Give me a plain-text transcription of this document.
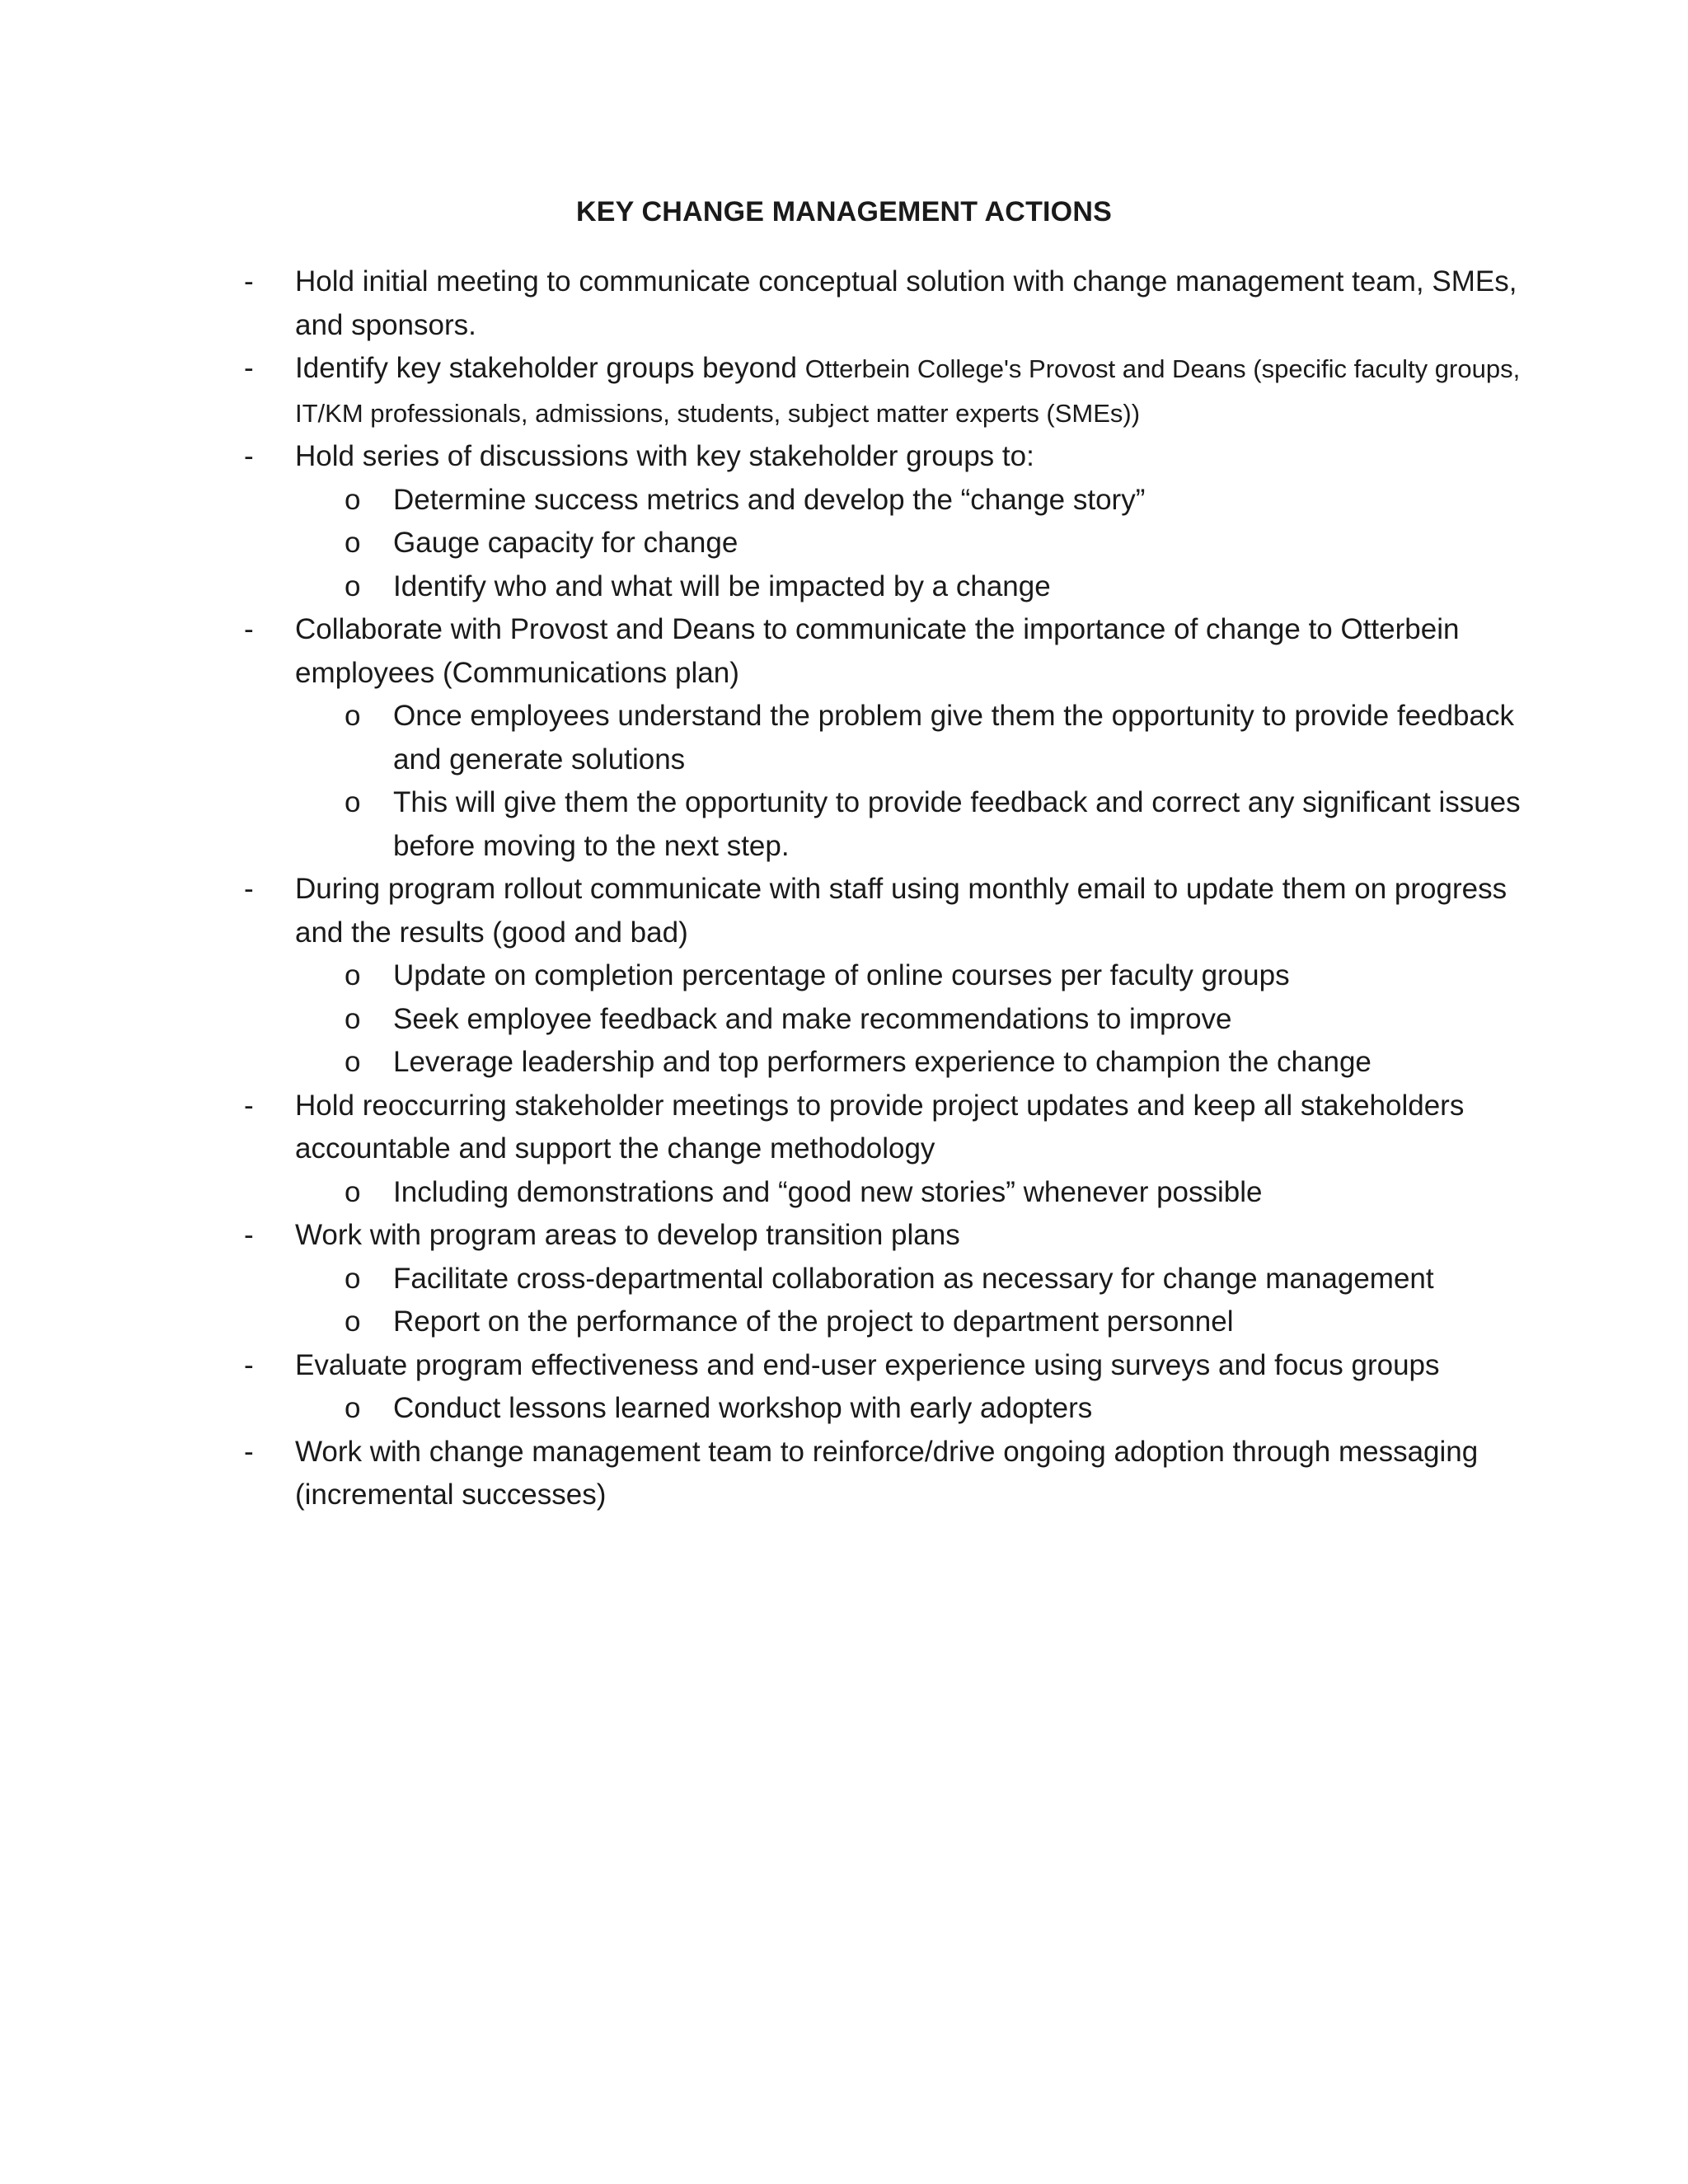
KEY CHANGE MANAGEMENT ACTIONS
- Hold initial meeting to communicate conceptual solution with change management team, SMEs, and sponsors.
- Identify key stakeholder groups beyond Otterbein College's Provost and Deans (specific faculty groups, IT/KM professionals, admissions, students, subject matter experts (SMEs))
- Hold series of discussions with key stakeholder groups to:
o Determine success metrics and develop the “change story”
o Gauge capacity for change
o Identify who and what will be impacted by a change
- Collaborate with Provost and Deans to communicate the importance of change to Otterbein employees (Communications plan)
o Once employees understand the problem give them the opportunity to provide feedback and generate solutions
o This will give them the opportunity to provide feedback and correct any significant issues before moving to the next step.
- During program rollout communicate with staff using monthly email to update them on progress and the results (good and bad)
o Update on completion percentage of online courses per faculty groups
o Seek employee feedback and make recommendations to improve
o Leverage leadership and top performers experience to champion the change
- Hold reoccurring stakeholder meetings to provide project updates and keep all stakeholders accountable and support the change methodology
o Including demonstrations and “good new stories” whenever possible
- Work with program areas to develop transition plans
o Facilitate cross-departmental collaboration as necessary for change management
o Report on the performance of the project to department personnel
- Evaluate program effectiveness and end-user experience using surveys and focus groups
o Conduct lessons learned workshop with early adopters
- Work with change management team to reinforce/drive ongoing adoption through messaging (incremental successes)
